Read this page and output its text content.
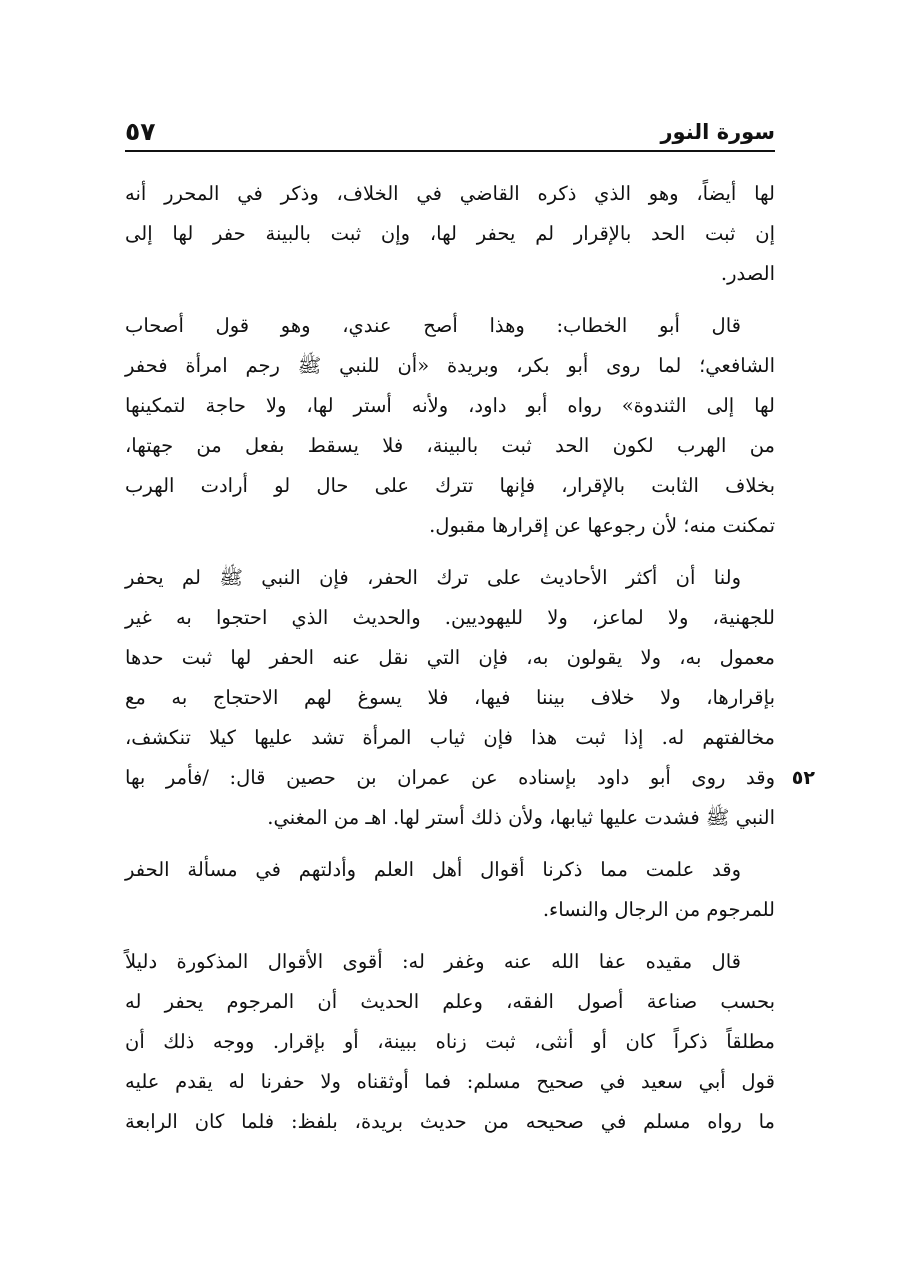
سورة النور
٥٧
لها أيضاً، وهو الذي ذكره القاضي في الخلاف، وذكر في المحرر أنه
إن ثبت الحد بالإقرار لم يحفر لها، وإن ثبت بالبينة حفر لها إلى
الصدر.
قال أبو الخطاب: وهذا أصح عندي، وهو قول أصحاب
الشافعي؛ لما روى أبو بكر، وبريدة «أن للنبي ﷺ رجم امرأة فحفر
لها إلى الثندوة» رواه أبو داود، ولأنه أستر لها، ولا حاجة لتمكينها
من الهرب لكون الحد ثبت بالبينة، فلا يسقط بفعل من جهتها،
بخلاف الثابت بالإقرار، فإنها تترك على حال لو أرادت الهرب
تمكنت منه؛ لأن رجوعها عن إقرارها مقبول.
ولنا أن أكثر الأحاديث على ترك الحفر، فإن النبي ﷺ لم يحفر
للجهنية، ولا لماعز، ولا لليهوديين. والحديث الذي احتجوا به غير
معمول به، ولا يقولون به، فإن التي نقل عنه الحفر لها ثبت حدها
بإقرارها، ولا خلاف بيننا فيها، فلا يسوغ لهم الاحتجاج به مع
مخالفتهم له. إذا ثبت هذا فإن ثياب المرأة تشد عليها كيلا تنكشف،
وقد روى أبو داود بإسناده عن عمران بن حصين قال: /فأمر بها ٥٢
النبي ﷺ فشدت عليها ثيابها، ولأن ذلك أستر لها. اهـ من المغني.
وقد علمت مما ذكرنا أقوال أهل العلم وأدلتهم في مسألة الحفر
للمرجوم من الرجال والنساء.
قال مقيده عفا الله عنه وغفر له: أقوى الأقوال المذكورة دليلاً
بحسب صناعة أصول الفقه، وعلم الحديث أن المرجوم يحفر له
مطلقاً ذكراً كان أو أنثى، ثبت زناه ببينة، أو بإقرار. ووجه ذلك أن
قول أبي سعيد في صحيح مسلم: فما أوثقناه ولا حفرنا له يقدم عليه
ما رواه مسلم في صحيحه من حديث بريدة، بلفظ: فلما كان الرابعة
